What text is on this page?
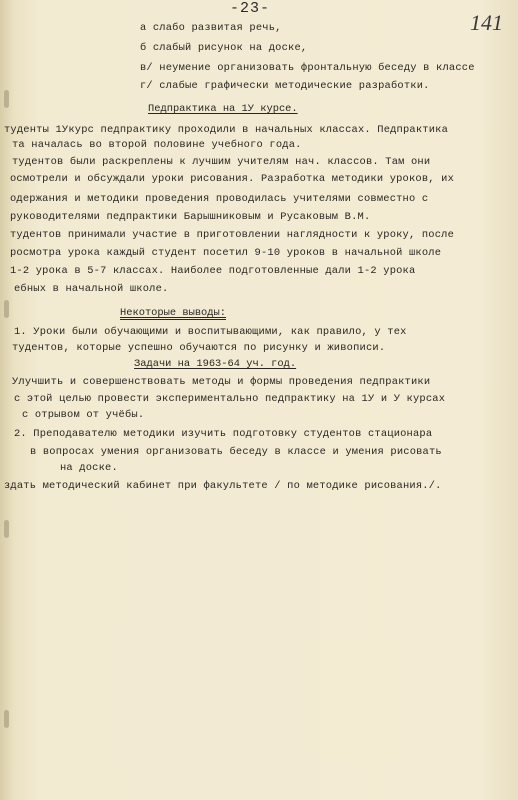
-23-
141
а слабо развитая речь,
б слабый рисунок на доске,
в/ неумение организовать фронтальную беседу в классе
г/ слабые графически методические разработки.
Педпрактика на 1У курсе.
туденты 1Укурс педпрактику проходили в начальных классах. Педпрактика
та началась во второй половине учебного года.
тудентов были раскреплены к лучшим учителям нач. классов. Там они
осмотрели и обсуждали уроки рисования. Разработка методики уроков, их
одержания и методики проведения проводилась учителями совместно с
руководителями педпрактики Барышниковым и Русаковым В.М.
тудентов принимали участие в приготовлении наглядности к уроку, после
росмотра урока каждый студент посетил 9-10 уроков в начальной школе
1-2 урока в 5-7 классах. Наиболее подготовленные дали 1-2 урока
ебных в начальной школе.
Некоторые выводы:
1. Уроки были обучающими и воспитывающими, как правило, у тех
тудентов, которые успешно обучаются по рисунку и живописи.
Задачи на 1963-64 уч. год.
Улучшить и совершенствовать методы и формы проведения педпрактики
с этой целью провести экспериментально педпрактику на 1У и У курсах
с отрывом от учёбы.
2. Преподавателю методики изучить подготовку студентов стационара
в вопросах умения организовать беседу в классе и умения рисовать
на доске.
здать методический кабинет при факультете / по методике рисования./.
